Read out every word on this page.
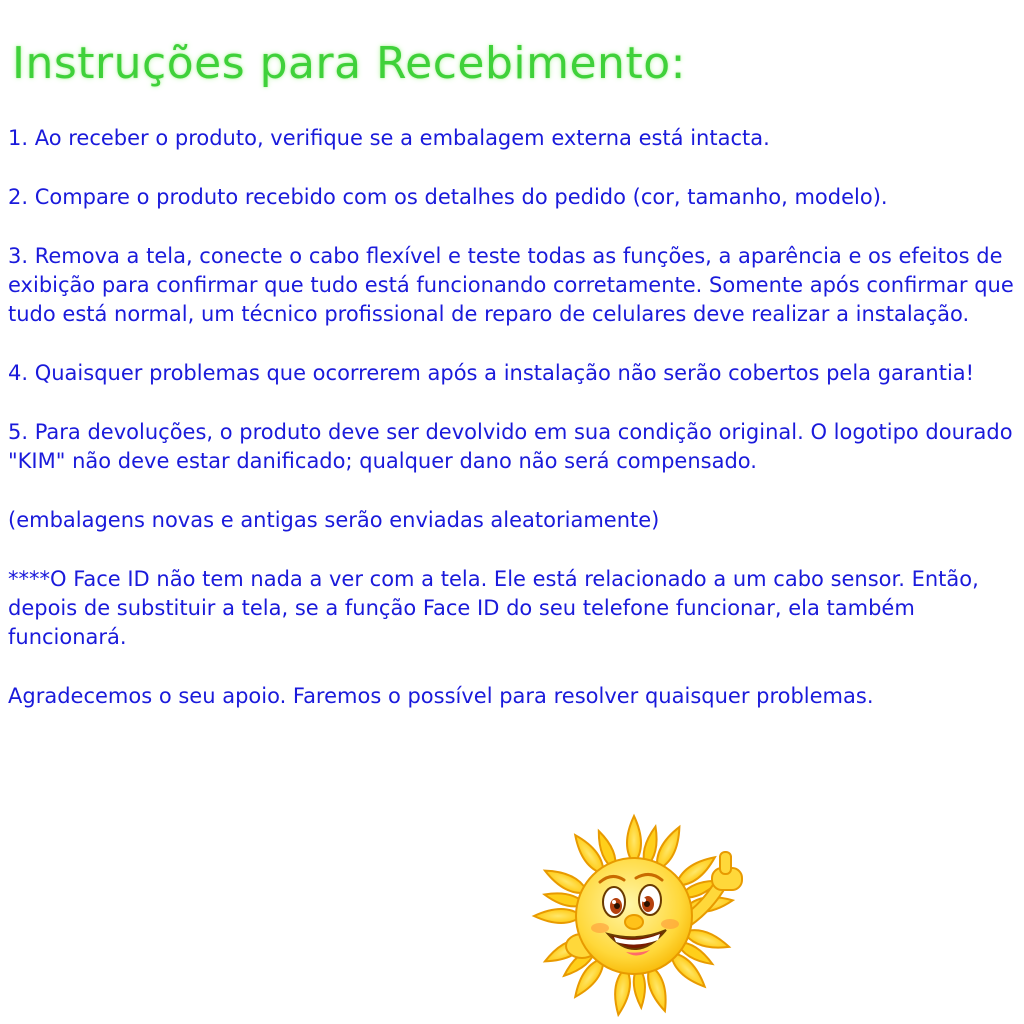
Instruções para Recebimento:

1. Ao receber o produto, verifique se a embalagem externa está intacta.

2. Compare o produto recebido com os detalhes do pedido (cor, tamanho, modelo).

3. Remova a tela, conecte o cabo flexível e teste todas as funções, a aparência e os efeitos de exibição para confirmar que tudo está funcionando corretamente. Somente após confirmar que tudo está normal, um técnico profissional de reparo de celulares deve realizar a instalação.

4. Quaisquer problemas que ocorrerem após a instalação não serão cobertos pela garantia!

5. Para devoluções, o produto deve ser devolvido em sua condição original. O logotipo dourado "KIM" não deve estar danificado; qualquer dano não será compensado.

(embalagens novas e antigas serão enviadas aleatoriamente)

****O Face ID não tem nada a ver com a tela. Ele está relacionado a um cabo sensor. Então, depois de substituir a tela, se a função Face ID do seu telefone funcionar, ela também funcionará.

Agradecemos o seu apoio. Faremos o possível para resolver quaisquer problemas.
